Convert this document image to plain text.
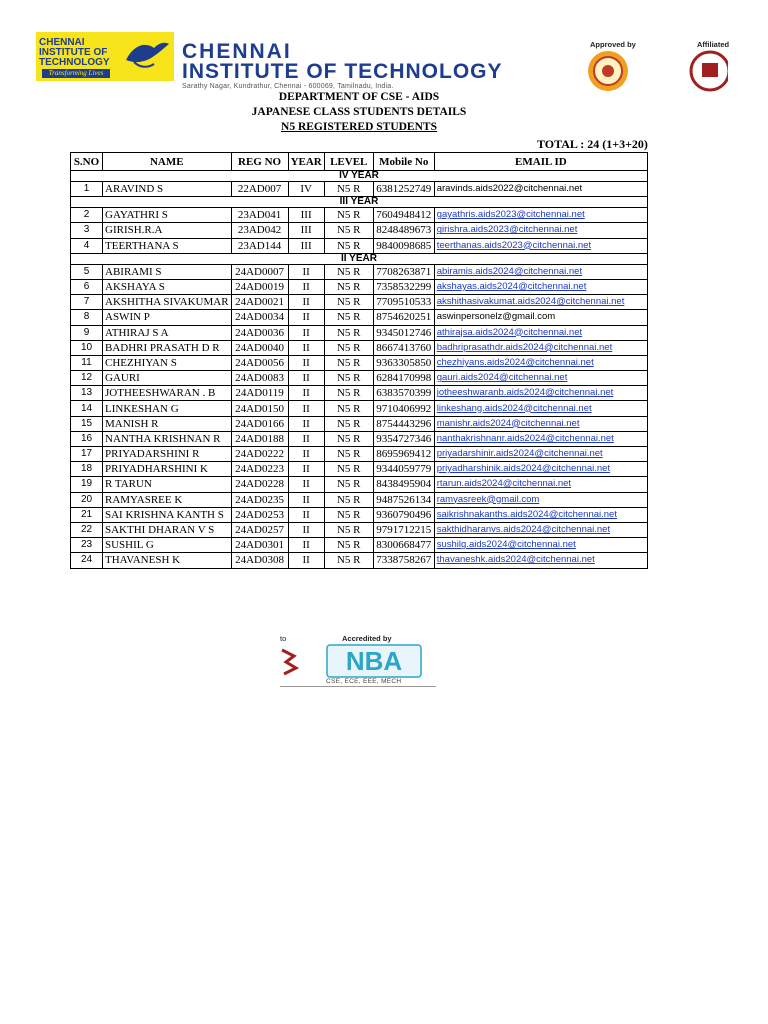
CHENNAI
INSTITUTE OF
TECHNOLOGY
Transforming Lives
CHENNAI
INSTITUTE OF TECHNOLOGY
Sarathy Nagar, Kundrathur, Chennai - 600069, Tamilnadu, India.
Approved by	Affiliated
DEPARTMENT OF CSE - AIDS
JAPANESE CLASS STUDENTS DETAILS
N5 REGISTERED STUDENTS
TOTAL : 24 (1+3+20)
S.NO	NAME	REG NO	YEAR	LEVEL	Mobile No	EMAIL ID
IV YEAR						
1	ARAVIND S	22AD007	IV	N5 R	6381252749	aravinds.aids2022@citchennai.net
III YEAR						
2	GAYATHRI S	23AD041	III	N5 R	7604948412	gayathris.aids2023@citchennai.net
3	GIRISH.R.A	23AD042	III	N5 R	8248489673	girishra.aids2023@citchennai.net
4	TEERTHANA S	23AD144	III	N5 R	9840098685	teerthanas.aids2023@citchennai.net
II YEAR						
5	ABIRAMI S	24AD0007	II	N5 R	7708263871	abiramis.aids2024@citchennai.net
6	AKSHAYA S	24AD0019	II	N5 R	7358532299	akshayas.aids2024@citchennai.net
7	AKSHITHA SIVAKUMAR	24AD0021	II	N5 R	7709510533	akshithasivakumat.aids2024@citchennai.net
8	ASWIN P	24AD0034	II	N5 R	8754620251	aswinpersonelz@gmail.com
9	ATHIRAJ S A	24AD0036	II	N5 R	9345012746	athirajsa.aids2024@citchennai.net
10	BADHRI PRASATH D R	24AD0040	II	N5 R	8667413760	badhriprasathdr.aids2024@citchennai.net
11	CHEZHIYAN S	24AD0056	II	N5 R	9363305850	chezhiyans.aids2024@citchennai.net
12	GAURI	24AD0083	II	N5 R	6284170998	gauri.aids2024@citchennai.net
13	JOTHEESHWARAN . B	24AD0119	II	N5 R	6383570399	jotheeshwaranb.aids2024@citchennai.net
14	LINKESHAN G	24AD0150	II	N5 R	9710406992	linkeshang.aids2024@citchennai.net
15	MANISH R	24AD0166	II	N5 R	8754443296	manishr.aids2024@citchennai.net
16	NANTHA KRISHNAN R	24AD0188	II	N5 R	9354727346	nanthakrishnanr.aids2024@citchennai.net
17	PRIYADARSHINI R	24AD0222	II	N5 R	8695969412	priyadarshinir.aids2024@citchennai.net
18	PRIYADHARSHINI K	24AD0223	II	N5 R	9344059779	priyadharshinik.aids2024@citchennai.net
19	R TARUN	24AD0228	II	N5 R	8438495904	rtarun.aids2024@citchennai.net
20	RAMYASREE K	24AD0235	II	N5 R	9487526134	ramyasreek@gmail.com
21	SAI KRISHNA KANTH S	24AD0253	II	N5 R	9360790496	saikrishnakanths.aids2024@citchennai.net
22	SAKTHI DHARAN V S	24AD0257	II	N5 R	9791712215	sakthidharanvs.aids2024@citchennai.net
23	SUSHIL G	24AD0301	II	N5 R	8300668477	sushilg.aids2024@citchennai.net
24	THAVANESH K	24AD0308	II	N5 R	7338758267	thavaneshk.aids2024@citchennai.net
to	Accredited by
NBA
CSE, ECE, EEE, MECH
